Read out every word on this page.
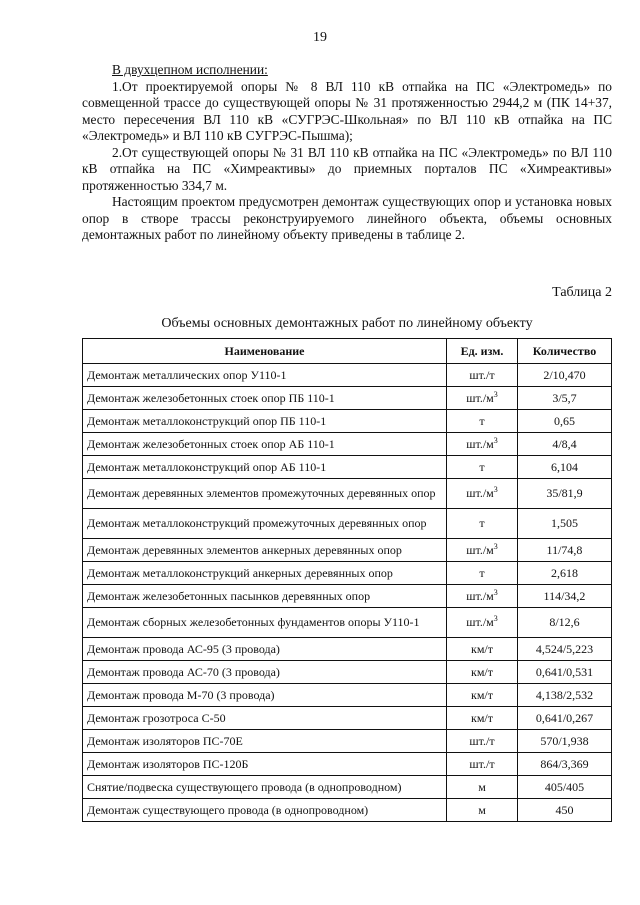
19

В двухцепном исполнении:

1.От проектируемой опоры № 8 ВЛ 110 кВ отпайка на ПС «Электромедь» по совмещенной трассе до существующей опоры № 31 протяженностью 2944,2 м (ПК 14+37, место пересечения ВЛ 110 кВ «СУГРЭС-Школьная» по ВЛ 110 кВ отпайка на ПС «Электромедь» и ВЛ 110 кВ СУГРЭС-Пышма);

2.От существующей опоры № 31 ВЛ 110 кВ отпайка на ПС «Электромедь» по ВЛ 110 кВ отпайка на ПС «Химреактивы» до приемных порталов ПС «Химреактивы» протяженностью 334,7 м.

Настоящим проектом предусмотрен демонтаж существующих опор и установка новых опор в створе трассы реконструируемого линейного объекта, объемы основных демонтажных работ по линейному объекту приведены в таблице 2.

Таблица 2
Объемы основных демонтажных работ по линейному объекту
Наименование	Ед. изм.	Количество
Демонтаж металлических опор У110-1	шт./т	2/10,470
Демонтаж железобетонных стоек опор ПБ 110-1	$шт./м^3$	3/5,7
Демонтаж металлоконструкций опор ПБ 110-1	т	0,65
Демонтаж железобетонных стоек опор АБ 110-1	$шт./м^3$	4/8,4
Демонтаж металлоконструкций опор АБ 110-1	т	6,104
Демонтаж деревянных элементов промежуточных деревянных опор	$шт./м^3$	35/81,9
Демонтаж металлоконструкций промежуточных деревянных опор	т	1,505
Демонтаж деревянных элементов анкерных деревянных опор	$шт./м^3$	11/74,8
Демонтаж металлоконструкций анкерных деревянных опор	т	2,618
Демонтаж железобетонных пасынков деревянных опор	$шт./м^3$	114/34,2
Демонтаж сборных железобетонных фундаментов опоры У110-1	$шт./м^3$	8/12,6
Демонтаж провода АС-95 (3 провода)	км/т	4,524/5,223
Демонтаж провода АС-70 (3 провода)	км/т	0,641/0,531
Демонтаж провода М-70 (3 провода)	км/т	4,138/2,532
Демонтаж грозотроса С-50	км/т	0,641/0,267
Демонтаж изоляторов ПС-70Е	шт./т	570/1,938
Демонтаж изоляторов ПС-120Б	шт./т	864/3,369
Снятие/подвеска существующего провода (в однопроводном)	м	405/405
Демонтаж существующего провода (в однопроводном)	м	450
